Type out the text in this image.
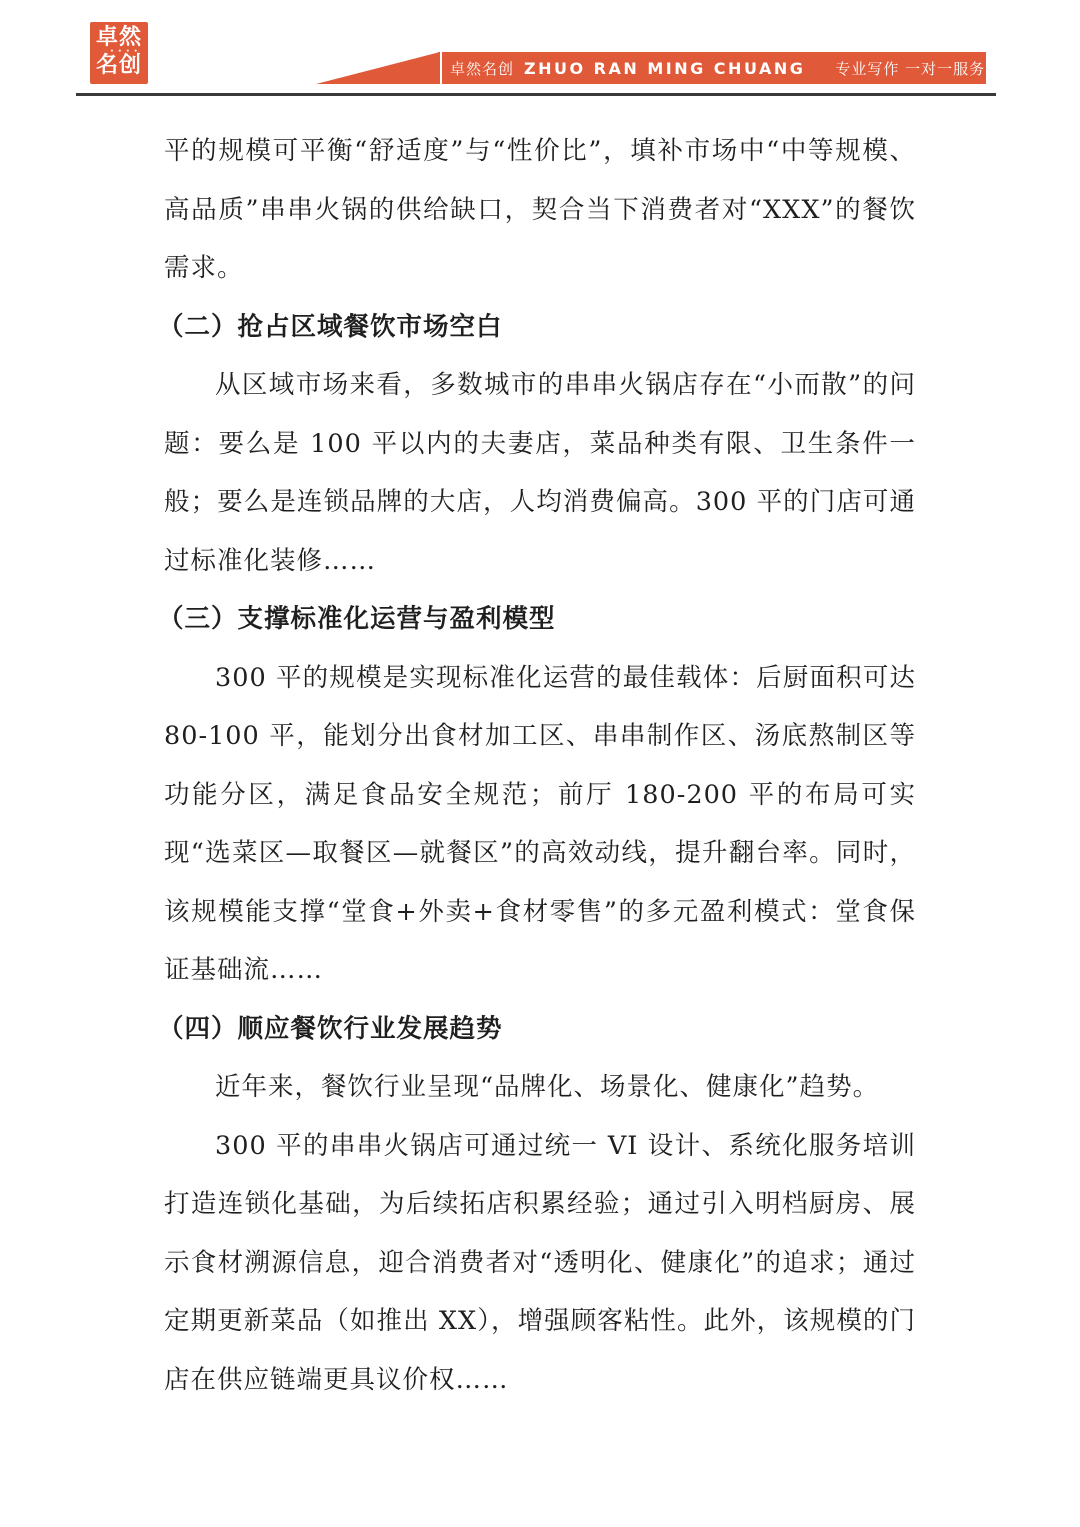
卓然
• • • •
名创	卓然名创 ZHUO RAN MING CHUANG 专业写作 一对一服务

平的规模可平衡“舒适度”与“性价比”，填补市场中“中等规模、高品质”串串火锅的供给缺口，契合当下消费者对“XXX”的餐饮需求。

（二）抢占区域餐饮市场空白

从区域市场来看，多数城市的串串火锅店存在“小而散”的问题：要么是 100 平以内的夫妻店，菜品种类有限、卫生条件一般；要么是连锁品牌的大店，人均消费偏高。300 平的门店可通过标准化装修……

（三）支撑标准化运营与盈利模型

300 平的规模是实现标准化运营的最佳载体：后厨面积可达 80-100 平，能划分出食材加工区、串串制作区、汤底熬制区等功能分区，满足食品安全规范；前厅 180-200 平的布局可实现“选菜区—取餐区—就餐区”的高效动线，提升翻台率。同时，该规模能支撑“堂食+外卖+食材零售”的多元盈利模式：堂食保证基础流……

（四）顺应餐饮行业发展趋势

近年来，餐饮行业呈现“品牌化、场景化、健康化”趋势。

300 平的串串火锅店可通过统一 VI 设计、系统化服务培训打造连锁化基础，为后续拓店积累经验；通过引入明档厨房、展示食材溯源信息，迎合消费者对“透明化、健康化”的追求；通过定期更新菜品（如推出 XX），增强顾客粘性。此外，该规模的门店在供应链端更具议价权……
